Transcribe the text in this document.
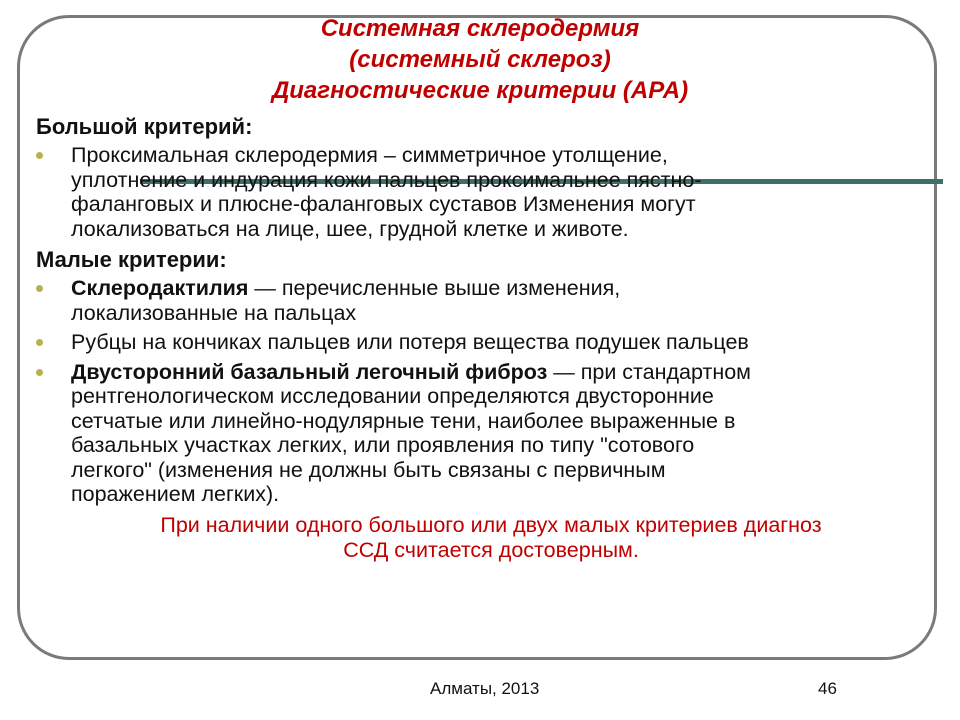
Системная склеродермия
(системный склероз)
Диагностические критерии (АРА)
Большой критерий:
Проксимальная склеродермия – симметричное утолщение,
уплотнение и индурация кожи пальцев проксимальнее пястно-
фаланговых и плюсне-фаланговых суставов Изменения могут
локализоваться на лице, шее, грудной клетке и животе.
Малые критерии:
Склеродактилия — перечисленные выше изменения,
локализованные на пальцах
Рубцы на кончиках пальцев или потеря вещества подушек пальцев
Двусторонний базальный легочный фиброз — при стандартном
рентгенологическом исследовании определяются двусторонние
сетчатые или линейно-нодулярные тени, наиболее выраженные в
базальных участках легких, или проявления по типу "сотового
легкого" (изменения не должны быть связаны с первичным
поражением легких).
При наличии одного большого или двух малых критериев диагноз
ССД считается достоверным.
Алматы, 2013	46
